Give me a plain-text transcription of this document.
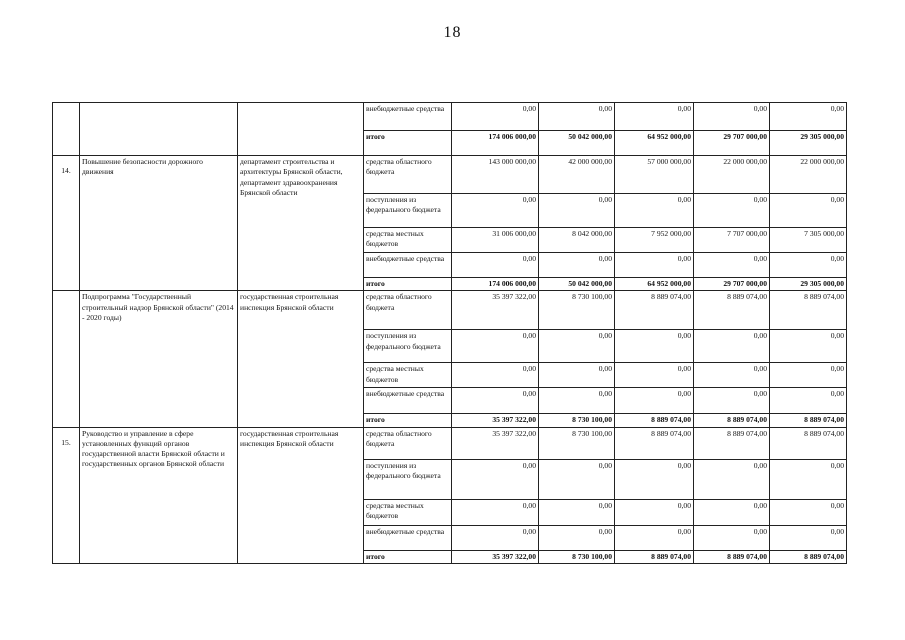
18
			внебюджетные средства	0,00	0,00	0,00	0,00	0,00
			итого	174 006 000,00	50 042 000,00	64 952 000,00	29 707 000,00	29 305 000,00
14.	Повышение безопасности дорожного движения	департамент строительства и архитектуры Брянской области, департамент здравоохранения Брянской области	средства областного бюджета	143 000 000,00	42 000 000,00	57 000 000,00	22 000 000,00	22 000 000,00
			поступления из федерального бюджета	0,00	0,00	0,00	0,00	0,00
			средства местных бюджетов	31 006 000,00	8 042 000,00	7 952 000,00	7 707 000,00	7 305 000,00
			внебюджетные средства	0,00	0,00	0,00	0,00	0,00
			итого	174 006 000,00	50 042 000,00	64 952 000,00	29 707 000,00	29 305 000,00
	Подпрограмма "Государственный строительный надзор Брянской области" (2014 - 2020 годы)	государственная строительная инспекция Брянской области	средства областного бюджета	35 397 322,00	8 730 100,00	8 889 074,00	8 889 074,00	8 889 074,00
			поступления из федерального бюджета	0,00	0,00	0,00	0,00	0,00
			средства местных бюджетов	0,00	0,00	0,00	0,00	0,00
			внебюджетные средства	0,00	0,00	0,00	0,00	0,00
			итого	35 397 322,00	8 730 100,00	8 889 074,00	8 889 074,00	8 889 074,00
15.	Руководство и управление в сфере установленных функций органов государственной власти Брянской области и государственных органов Брянской области	государственная строительная инспекция Брянской области	средства областного бюджета	35 397 322,00	8 730 100,00	8 889 074,00	8 889 074,00	8 889 074,00
			поступления из федерального бюджета	0,00	0,00	0,00	0,00	0,00
			средства местных бюджетов	0,00	0,00	0,00	0,00	0,00
			внебюджетные средства	0,00	0,00	0,00	0,00	0,00
			итого	35 397 322,00	8 730 100,00	8 889 074,00	8 889 074,00	8 889 074,00
